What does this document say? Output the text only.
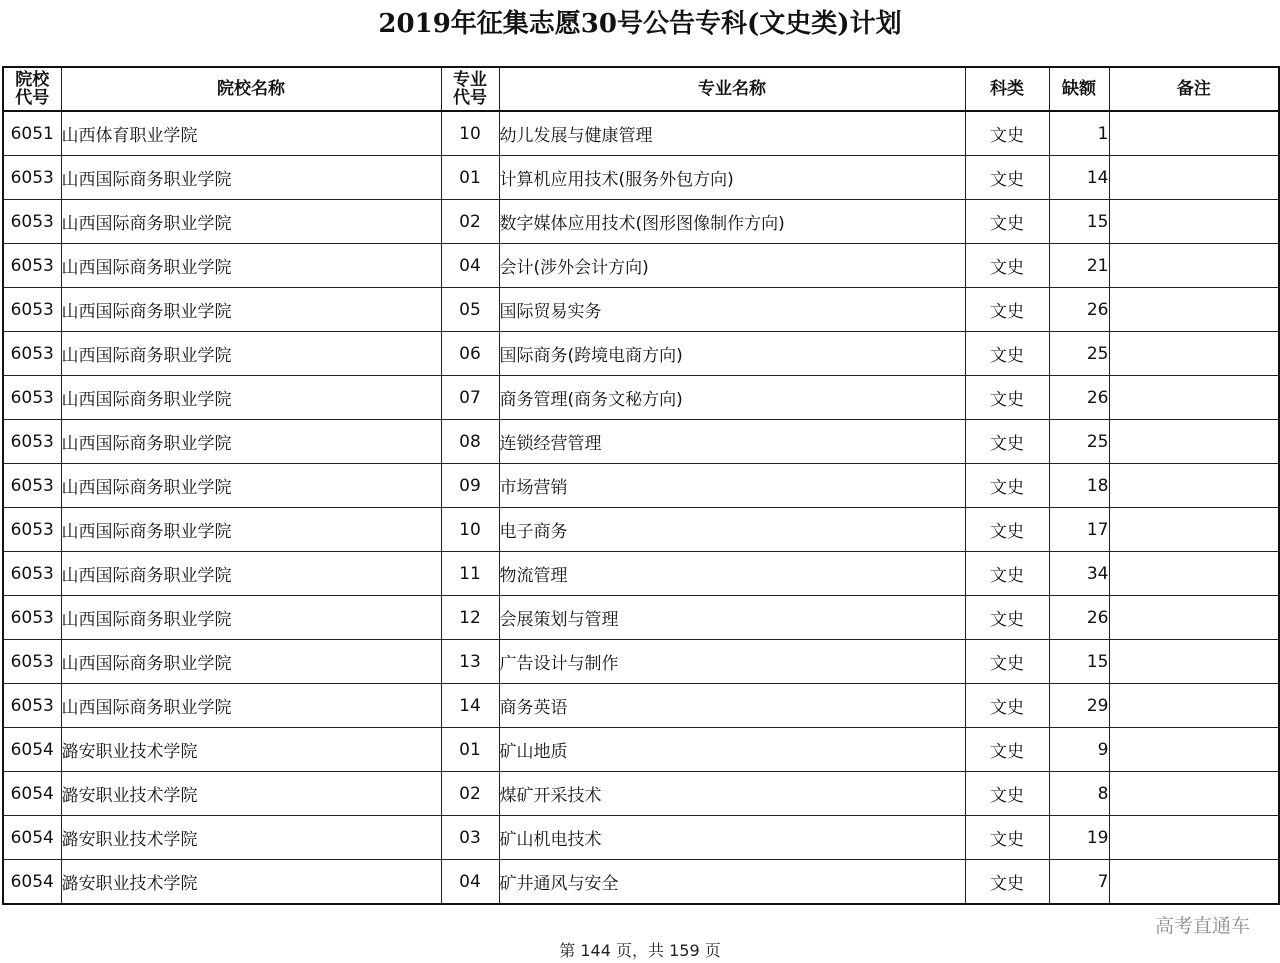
2019年征集志愿30号公告专科(文史类)计划
院校代号	院校名称	专业代号	专业名称	科类	缺额	备注
6051	山西体育职业学院	10	幼儿发展与健康管理	文史	1	
6053	山西国际商务职业学院	01	计算机应用技术(服务外包方向)	文史	14	
6053	山西国际商务职业学院	02	数字媒体应用技术(图形图像制作方向)	文史	15	
6053	山西国际商务职业学院	04	会计(涉外会计方向)	文史	21	
6053	山西国际商务职业学院	05	国际贸易实务	文史	26	
6053	山西国际商务职业学院	06	国际商务(跨境电商方向)	文史	25	
6053	山西国际商务职业学院	07	商务管理(商务文秘方向)	文史	26	
6053	山西国际商务职业学院	08	连锁经营管理	文史	25	
6053	山西国际商务职业学院	09	市场营销	文史	18	
6053	山西国际商务职业学院	10	电子商务	文史	17	
6053	山西国际商务职业学院	11	物流管理	文史	34	
6053	山西国际商务职业学院	12	会展策划与管理	文史	26	
6053	山西国际商务职业学院	13	广告设计与制作	文史	15	
6053	山西国际商务职业学院	14	商务英语	文史	29	
6054	潞安职业技术学院	01	矿山地质	文史	9	
6054	潞安职业技术学院	02	煤矿开采技术	文史	8	
6054	潞安职业技术学院	03	矿山机电技术	文史	19	
6054	潞安职业技术学院	04	矿井通风与安全	文史	7	
高考直通车
第 144 页，共 159 页
